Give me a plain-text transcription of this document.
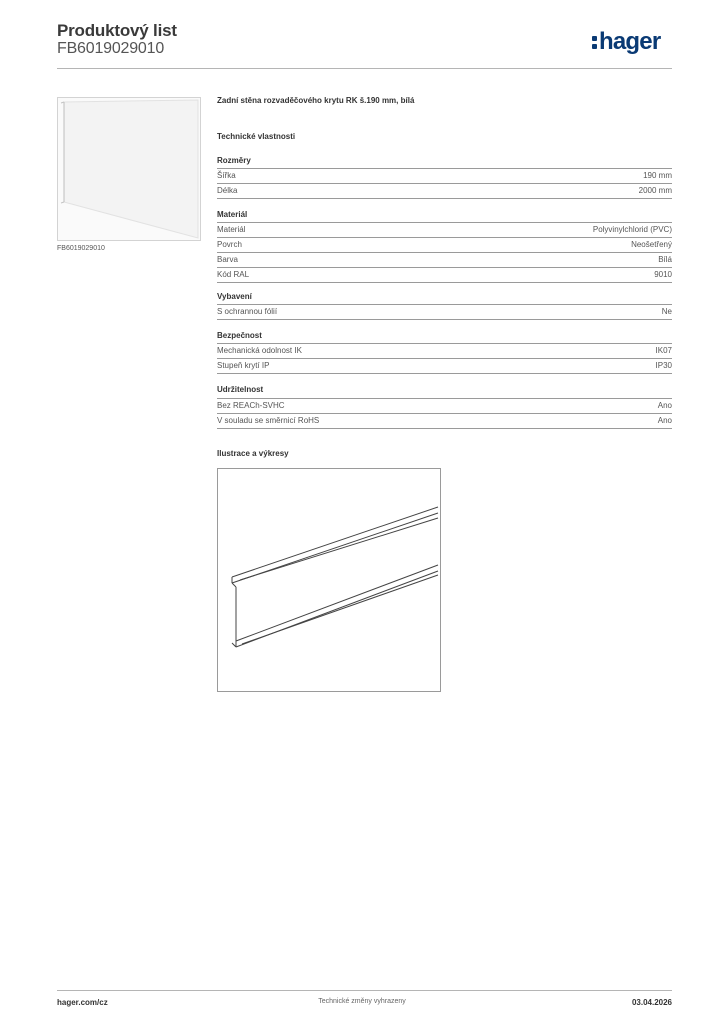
Produktový list
FB6019029010	hager
FB6019029010
Zadní stěna rozvaděčového krytu RK š.190 mm, bílá
Technické vlastnosti
Rozměry
Šířka	190 mm
Délka	2000 mm
Materiál
Materiál	Polyvinylchlorid (PVC)
Povrch	Neošetřený
Barva	Bílá
Kód RAL	9010
Vybavení
S ochrannou fólií	Ne
Bezpečnost
Mechanická odolnost IK	IK07
Stupeň krytí IP	IP30
Udržitelnost
Bez REACh-SVHC	Ano
V souladu se směrnicí RoHS	Ano
Ilustrace a výkresy
hager.com/cz	Technické změny vyhrazeny	03.04.2026
